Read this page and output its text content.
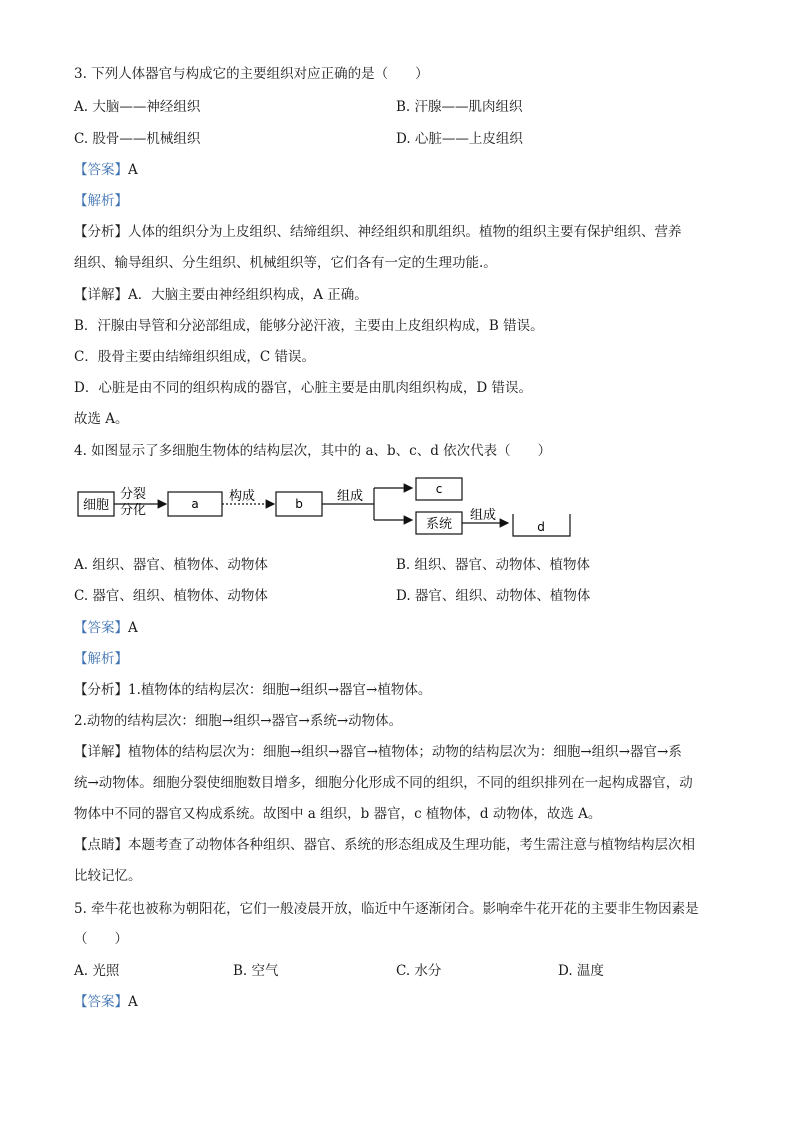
3. 下列人体器官与构成它的主要组织对应正确的是（　　）
A. 大脑——神经组织	B. 汗腺——肌肉组织
C. 股骨——机械组织	D. 心脏——上皮组织
【答案】A
【解析】
【分析】人体的组织分为上皮组织、结缔组织、神经组织和肌组织。植物的组织主要有保护组织、营养
组织、输导组织、分生组织、机械组织等，它们各有一定的生理功能.。
【详解】A．大脑主要由神经组织构成，A 正确。
B．汗腺由导管和分泌部组成，能够分泌汗液，主要由上皮组织构成，B 错误。
C．股骨主要由结缔组织组成，C 错误。
D．心脏是由不同的组织构成的器官，心脏主要是由肌肉组织构成，D 错误。
故选 A。
4. 如图显示了多细胞生物体的结构层次，其中的 a、b、c、d 依次代表（　　）
细胞
分裂
分化	a 构成	b	组成	c
系统
组成
d
A. 组织、器官、植物体、动物体	B. 组织、器官、动物体、植物体
C. 器官、组织、植物体、动物体	D. 器官、组织、动物体、植物体
【答案】A
【解析】
【分析】1.植物体的结构层次：细胞→组织→器官→植物体。
2.动物的结构层次：细胞→组织→器官→系统→动物体。
【详解】植物体的结构层次为：细胞→组织→器官→植物体；动物的结构层次为：细胞→组织→器官→系
统→动物体。细胞分裂使细胞数目增多，细胞分化形成不同的组织，不同的组织排列在一起构成器官，动
物体中不同的器官又构成系统。故图中 a 组织，b 器官，c 植物体，d 动物体，故选 A。
【点睛】本题考查了动物体各种组织、器官、系统的形态组成及生理功能，考生需注意与植物结构层次相
比较记忆。
5. 牵牛花也被称为朝阳花，它们一般凌晨开放，临近中午逐渐闭合。影响牵牛花开花的主要非生物因素是
（　　）
A. 光照	B. 空气	C. 水分	D. 温度
【答案】A
